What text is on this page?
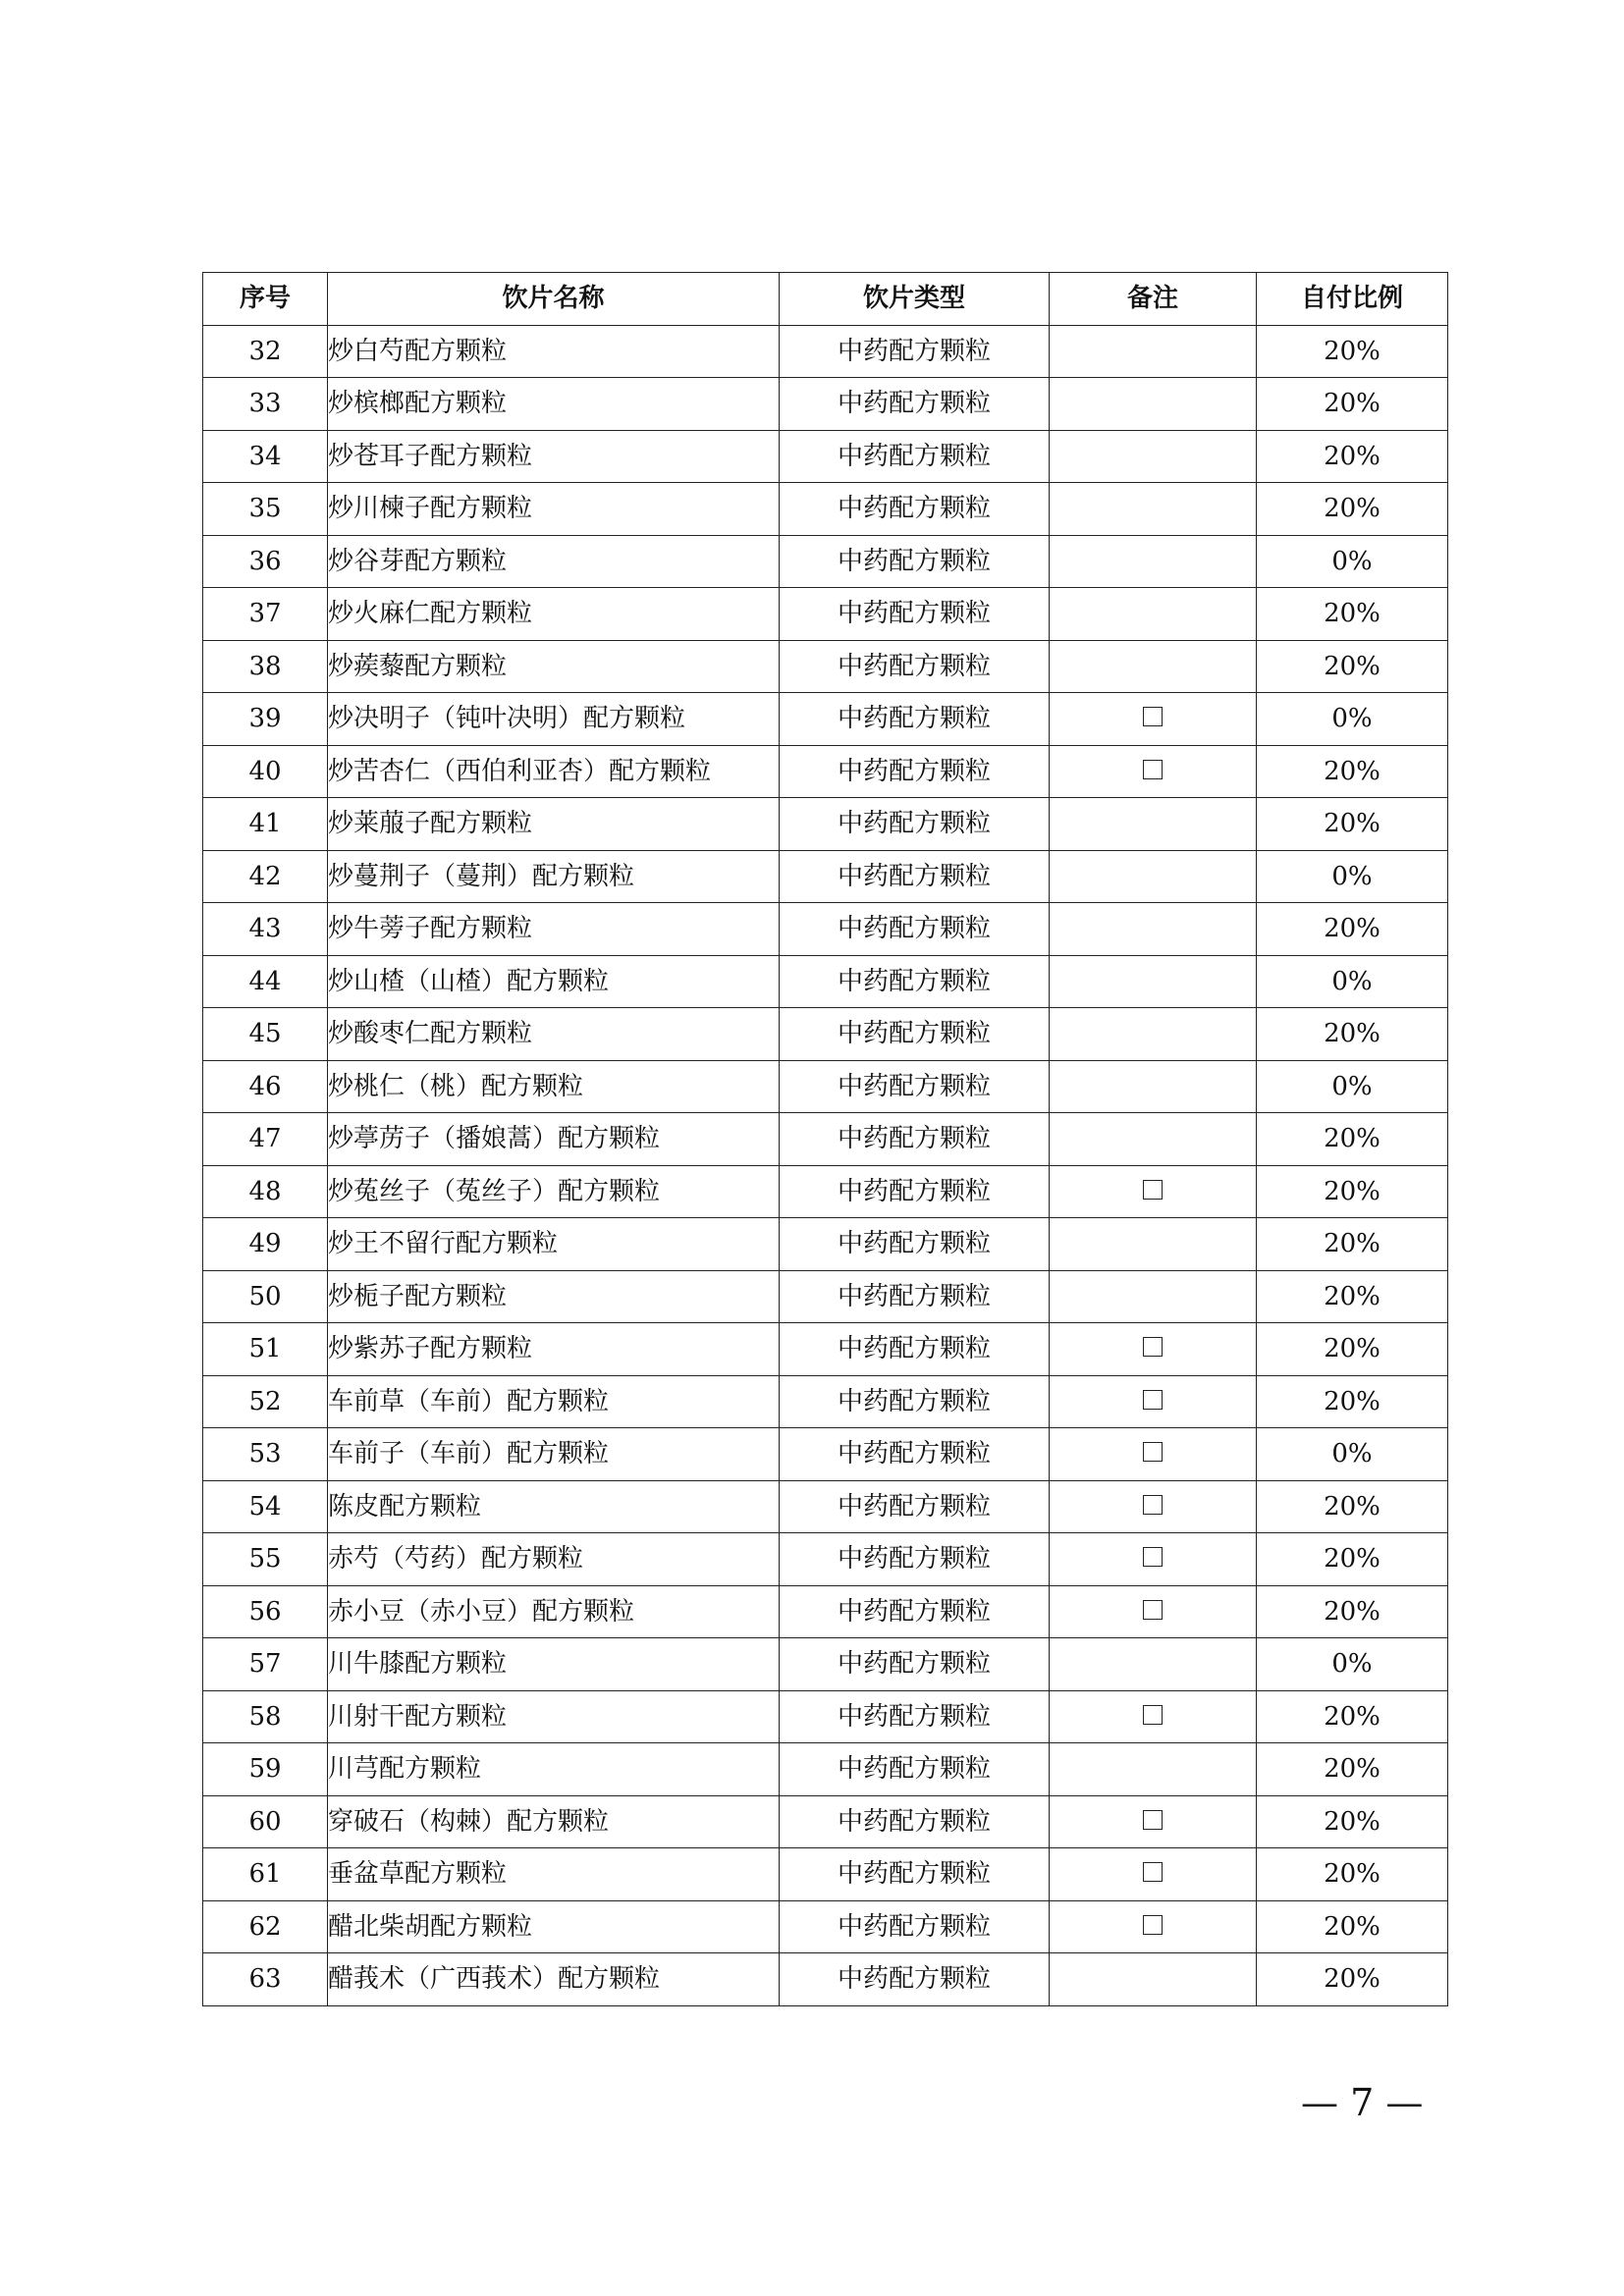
序号	饮片名称	饮片类型	备注	自付比例
32	炒白芍配方颗粒	中药配方颗粒		20%
33	炒槟榔配方颗粒	中药配方颗粒		20%
34	炒苍耳子配方颗粒	中药配方颗粒		20%
35	炒川楝子配方颗粒	中药配方颗粒		20%
36	炒谷芽配方颗粒	中药配方颗粒		0%
37	炒火麻仁配方颗粒	中药配方颗粒		20%
38	炒蒺藜配方颗粒	中药配方颗粒		20%
39	炒决明子（钝叶决明）配方颗粒	中药配方颗粒		0%
40	炒苦杏仁（西伯利亚杏）配方颗粒	中药配方颗粒		20%
41	炒莱菔子配方颗粒	中药配方颗粒		20%
42	炒蔓荆子（蔓荆）配方颗粒	中药配方颗粒		0%
43	炒牛蒡子配方颗粒	中药配方颗粒		20%
44	炒山楂（山楂）配方颗粒	中药配方颗粒		0%
45	炒酸枣仁配方颗粒	中药配方颗粒		20%
46	炒桃仁（桃）配方颗粒	中药配方颗粒		0%
47	炒葶苈子（播娘蒿）配方颗粒	中药配方颗粒		20%
48	炒菟丝子（菟丝子）配方颗粒	中药配方颗粒		20%
49	炒王不留行配方颗粒	中药配方颗粒		20%
50	炒栀子配方颗粒	中药配方颗粒		20%
51	炒紫苏子配方颗粒	中药配方颗粒		20%
52	车前草（车前）配方颗粒	中药配方颗粒		20%
53	车前子（车前）配方颗粒	中药配方颗粒		0%
54	陈皮配方颗粒	中药配方颗粒		20%
55	赤芍（芍药）配方颗粒	中药配方颗粒		20%
56	赤小豆（赤小豆）配方颗粒	中药配方颗粒		20%
57	川牛膝配方颗粒	中药配方颗粒		0%
58	川射干配方颗粒	中药配方颗粒		20%
59	川芎配方颗粒	中药配方颗粒		20%
60	穿破石（构棘）配方颗粒	中药配方颗粒		20%
61	垂盆草配方颗粒	中药配方颗粒		20%
62	醋北柴胡配方颗粒	中药配方颗粒		20%
63	醋莪术（广西莪术）配方颗粒	中药配方颗粒		20%
— 7 —
